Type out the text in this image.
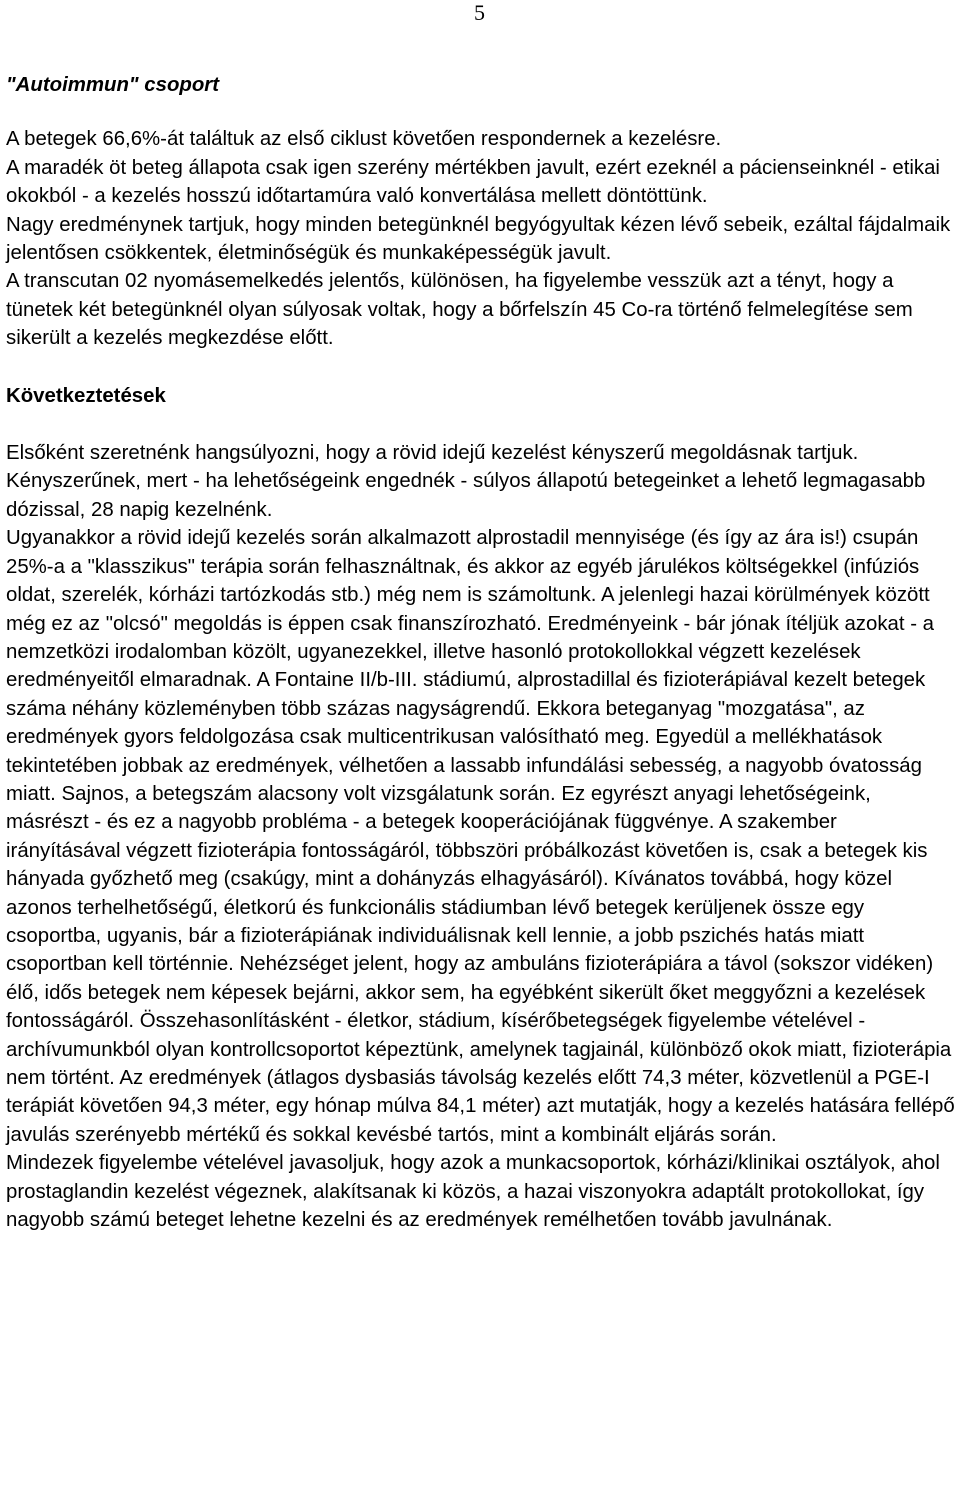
5

"Autoimmun" csoport

A betegek 66,6%-át találtuk az első ciklust követően respondernek a kezelésre.

A maradék öt beteg állapota csak igen szerény mértékben javult, ezért ezeknél a pácienseinknél - etikai okokból - a kezelés hosszú időtartamúra való konvertálása mellett döntöttünk.

Nagy eredménynek tartjuk, hogy minden betegünknél begyógyultak kézen lévő sebeik, ezáltal fájdalmaik jelentősen csökkentek, életminőségük és munkaképességük javult.

A transcutan 02 nyomásemelkedés jelentős, különösen, ha figyelembe vesszük azt a tényt, hogy a tünetek két betegünknél olyan súlyosak voltak, hogy a bőrfelszín 45 Co-ra történő felmelegítése sem sikerült a kezelés megkezdése előtt.

Következtetések

Elsőként szeretnénk hangsúlyozni, hogy a rövid idejű kezelést kényszerű megoldásnak tartjuk. Kényszerűnek, mert - ha lehetőségeink engednék - súlyos állapotú betegeinket a lehető legmagasabb dózissal, 28 napig kezelnénk.

Ugyanakkor a rövid idejű kezelés során alkalmazott alprostadil mennyisége (és így az ára is!) csupán 25%-a a "klasszikus" terápia során felhasználtnak, és akkor az egyéb járulékos költségekkel (infúziós oldat, szerelék, kórházi tartózkodás stb.) még nem is számoltunk. A jelenlegi hazai körülmények között még ez az "olcsó" megoldás is éppen csak finanszírozható. Eredményeink - bár jónak ítéljük azokat - a nemzetközi irodalomban közölt, ugyanezekkel, illetve hasonló protokollokkal végzett kezelések eredményeitől elmaradnak. A Fontaine II/b-III. stádiumú, alprostadillal és fizioterápiával kezelt betegek száma néhány közleményben több százas nagyságrendű. Ekkora beteganyag "mozgatása", az eredmények gyors feldolgozása csak multicentrikusan valósítható meg. Egyedül a mellékhatások tekintetében jobbak az eredmények, vélhetően a lassabb infundálási sebesség, a nagyobb óvatosság miatt. Sajnos, a betegszám alacsony volt vizsgálatunk során. Ez egyrészt anyagi lehetőségeink, másrészt - és ez a nagyobb probléma - a betegek kooperációjának függvénye. A szakember irányításával végzett fizioterápia fontosságáról, többszöri próbálkozást követően is, csak a betegek kis hányada győzhető meg (csakúgy, mint a dohányzás elhagyásáról). Kívánatos továbbá, hogy közel azonos terhelhetőségű, életkorú és funkcionális stádiumban lévő betegek kerüljenek össze egy csoportba, ugyanis, bár a fizioterápiának individuálisnak kell lennie, a jobb pszichés hatás miatt csoportban kell történnie. Nehézséget jelent, hogy az ambuláns fizioterápiára a távol (sokszor vidéken) élő, idős betegek nem képesek bejárni, akkor sem, ha egyébként sikerült őket meggyőzni a kezelések fontosságáról. Összehasonlításként - életkor, stádium, kísérőbetegségek figyelembe vételével - archívumunkból olyan kontrollcsoportot képeztünk, amelynek tagjainál, különböző okok miatt, fizioterápia nem történt. Az eredmények (átlagos dysbasiás távolság kezelés előtt 74,3 méter, közvetlenül a PGE-I terápiát követően 94,3 méter, egy hónap múlva 84,1 méter) azt mutatják, hogy a kezelés hatására fellépő javulás szerényebb mértékű és sokkal kevésbé tartós, mint a kombinált eljárás során.

Mindezek figyelembe vételével javasoljuk, hogy azok a munkacsoportok, kórházi/klinikai osztályok, ahol prostaglandin kezelést végeznek, alakítsanak ki közös, a hazai viszonyokra adaptált protokollokat, így nagyobb számú beteget lehetne kezelni és az eredmények remélhetően tovább javulnának.
